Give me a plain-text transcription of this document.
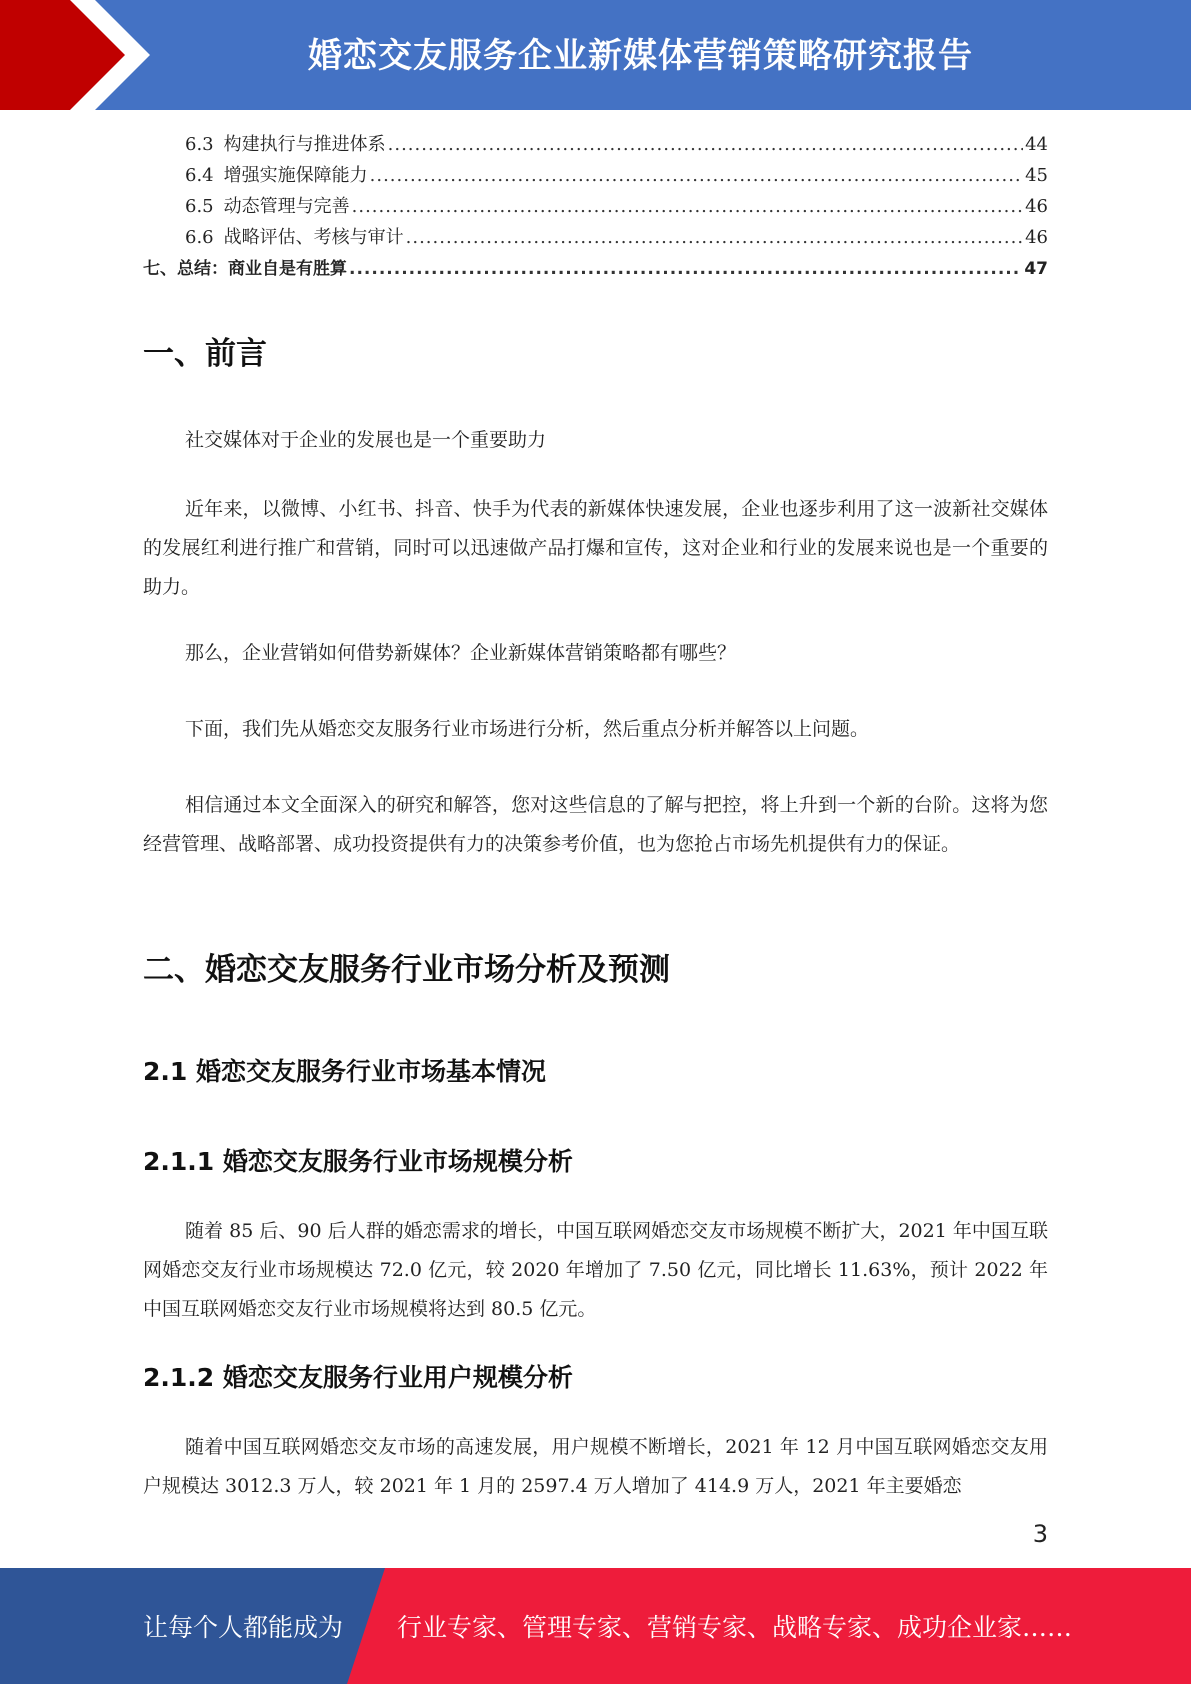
婚恋交友服务企业新媒体营销策略研究报告
6.3 构建执行与推进体系 .....	44
6.4 增强实施保障能力 .....	45
6.5 动态管理与完善 .....	46
6.6 战略评估、考核与审计 .....	46
七、总结：商业自是有胜算 .....	47
一、前言
社交媒体对于企业的发展也是一个重要助力
近年来，以微博、小红书、抖音、快手为代表的新媒体快速发展，企业也逐步利用了这一波新社交媒体的发展红利进行推广和营销，同时可以迅速做产品打爆和宣传，这对企业和行业的发展来说也是一个重要的助力。
那么，企业营销如何借势新媒体？企业新媒体营销策略都有哪些？
下面，我们先从婚恋交友服务行业市场进行分析，然后重点分析并解答以上问题。
相信通过本文全面深入的研究和解答，您对这些信息的了解与把控，将上升到一个新的台阶。这将为您经营管理、战略部署、成功投资提供有力的决策参考价值，也为您抢占市场先机提供有力的保证。
二、婚恋交友服务行业市场分析及预测
2.1 婚恋交友服务行业市场基本情况
2.1.1 婚恋交友服务行业市场规模分析
随着 85 后、90 后人群的婚恋需求的增长，中国互联网婚恋交友市场规模不断扩大，2021 年中国互联网婚恋交友行业市场规模达 72.0 亿元，较 2020 年增加了 7.50 亿元，同比增长 11.63%，预计 2022 年中国互联网婚恋交友行业市场规模将达到 80.5 亿元。
2.1.2 婚恋交友服务行业用户规模分析
随着中国互联网婚恋交友市场的高速发展，用户规模不断增长，2021 年 12 月中国互联网婚恋交友用户规模达 3012.3 万人，较 2021 年 1 月的 2597.4 万人增加了 414.9 万人，2021 年主要婚恋
3
让每个人都能成为 行业专家、管理专家、营销专家、战略专家、成功企业家……
